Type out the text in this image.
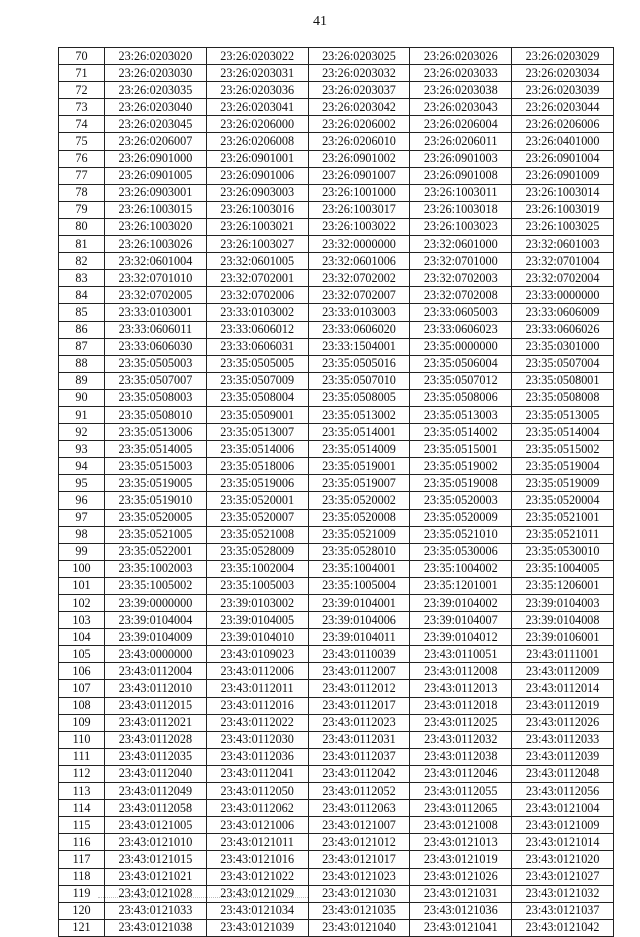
41
70	23:26:0203020	23:26:0203022	23:26:0203025	23:26:0203026	23:26:0203029
71	23:26:0203030	23:26:0203031	23:26:0203032	23:26:0203033	23:26:0203034
72	23:26:0203035	23:26:0203036	23:26:0203037	23:26:0203038	23:26:0203039
73	23:26:0203040	23:26:0203041	23:26:0203042	23:26:0203043	23:26:0203044
74	23:26:0203045	23:26:0206000	23:26:0206002	23:26:0206004	23:26:0206006
75	23:26:0206007	23:26:0206008	23:26:0206010	23:26:0206011	23:26:0401000
76	23:26:0901000	23:26:0901001	23:26:0901002	23:26:0901003	23:26:0901004
77	23:26:0901005	23:26:0901006	23:26:0901007	23:26:0901008	23:26:0901009
78	23:26:0903001	23:26:0903003	23:26:1001000	23:26:1003011	23:26:1003014
79	23:26:1003015	23:26:1003016	23:26:1003017	23:26:1003018	23:26:1003019
80	23:26:1003020	23:26:1003021	23:26:1003022	23:26:1003023	23:26:1003025
81	23:26:1003026	23:26:1003027	23:32:0000000	23:32:0601000	23:32:0601003
82	23:32:0601004	23:32:0601005	23:32:0601006	23:32:0701000	23:32:0701004
83	23:32:0701010	23:32:0702001	23:32:0702002	23:32:0702003	23:32:0702004
84	23:32:0702005	23:32:0702006	23:32:0702007	23:32:0702008	23:33:0000000
85	23:33:0103001	23:33:0103002	23:33:0103003	23:33:0605003	23:33:0606009
86	23:33:0606011	23:33:0606012	23:33:0606020	23:33:0606023	23:33:0606026
87	23:33:0606030	23:33:0606031	23:33:1504001	23:35:0000000	23:35:0301000
88	23:35:0505003	23:35:0505005	23:35:0505016	23:35:0506004	23:35:0507004
89	23:35:0507007	23:35:0507009	23:35:0507010	23:35:0507012	23:35:0508001
90	23:35:0508003	23:35:0508004	23:35:0508005	23:35:0508006	23:35:0508008
91	23:35:0508010	23:35:0509001	23:35:0513002	23:35:0513003	23:35:0513005
92	23:35:0513006	23:35:0513007	23:35:0514001	23:35:0514002	23:35:0514004
93	23:35:0514005	23:35:0514006	23:35:0514009	23:35:0515001	23:35:0515002
94	23:35:0515003	23:35:0518006	23:35:0519001	23:35:0519002	23:35:0519004
95	23:35:0519005	23:35:0519006	23:35:0519007	23:35:0519008	23:35:0519009
96	23:35:0519010	23:35:0520001	23:35:0520002	23:35:0520003	23:35:0520004
97	23:35:0520005	23:35:0520007	23:35:0520008	23:35:0520009	23:35:0521001
98	23:35:0521005	23:35:0521008	23:35:0521009	23:35:0521010	23:35:0521011
99	23:35:0522001	23:35:0528009	23:35:0528010	23:35:0530006	23:35:0530010
100	23:35:1002003	23:35:1002004	23:35:1004001	23:35:1004002	23:35:1004005
101	23:35:1005002	23:35:1005003	23:35:1005004	23:35:1201001	23:35:1206001
102	23:39:0000000	23:39:0103002	23:39:0104001	23:39:0104002	23:39:0104003
103	23:39:0104004	23:39:0104005	23:39:0104006	23:39:0104007	23:39:0104008
104	23:39:0104009	23:39:0104010	23:39:0104011	23:39:0104012	23:39:0106001
105	23:43:0000000	23:43:0109023	23:43:0110039	23:43:0110051	23:43:0111001
106	23:43:0112004	23:43:0112006	23:43:0112007	23:43:0112008	23:43:0112009
107	23:43:0112010	23:43:0112011	23:43:0112012	23:43:0112013	23:43:0112014
108	23:43:0112015	23:43:0112016	23:43:0112017	23:43:0112018	23:43:0112019
109	23:43:0112021	23:43:0112022	23:43:0112023	23:43:0112025	23:43:0112026
110	23:43:0112028	23:43:0112030	23:43:0112031	23:43:0112032	23:43:0112033
111	23:43:0112035	23:43:0112036	23:43:0112037	23:43:0112038	23:43:0112039
112	23:43:0112040	23:43:0112041	23:43:0112042	23:43:0112046	23:43:0112048
113	23:43:0112049	23:43:0112050	23:43:0112052	23:43:0112055	23:43:0112056
114	23:43:0112058	23:43:0112062	23:43:0112063	23:43:0112065	23:43:0121004
115	23:43:0121005	23:43:0121006	23:43:0121007	23:43:0121008	23:43:0121009
116	23:43:0121010	23:43:0121011	23:43:0121012	23:43:0121013	23:43:0121014
117	23:43:0121015	23:43:0121016	23:43:0121017	23:43:0121019	23:43:0121020
118	23:43:0121021	23:43:0121022	23:43:0121023	23:43:0121026	23:43:0121027
119	23:43:0121028	23:43:0121029	23:43:0121030	23:43:0121031	23:43:0121032
120	23:43:0121033	23:43:0121034	23:43:0121035	23:43:0121036	23:43:0121037
121	23:43:0121038	23:43:0121039	23:43:0121040	23:43:0121041	23:43:0121042
